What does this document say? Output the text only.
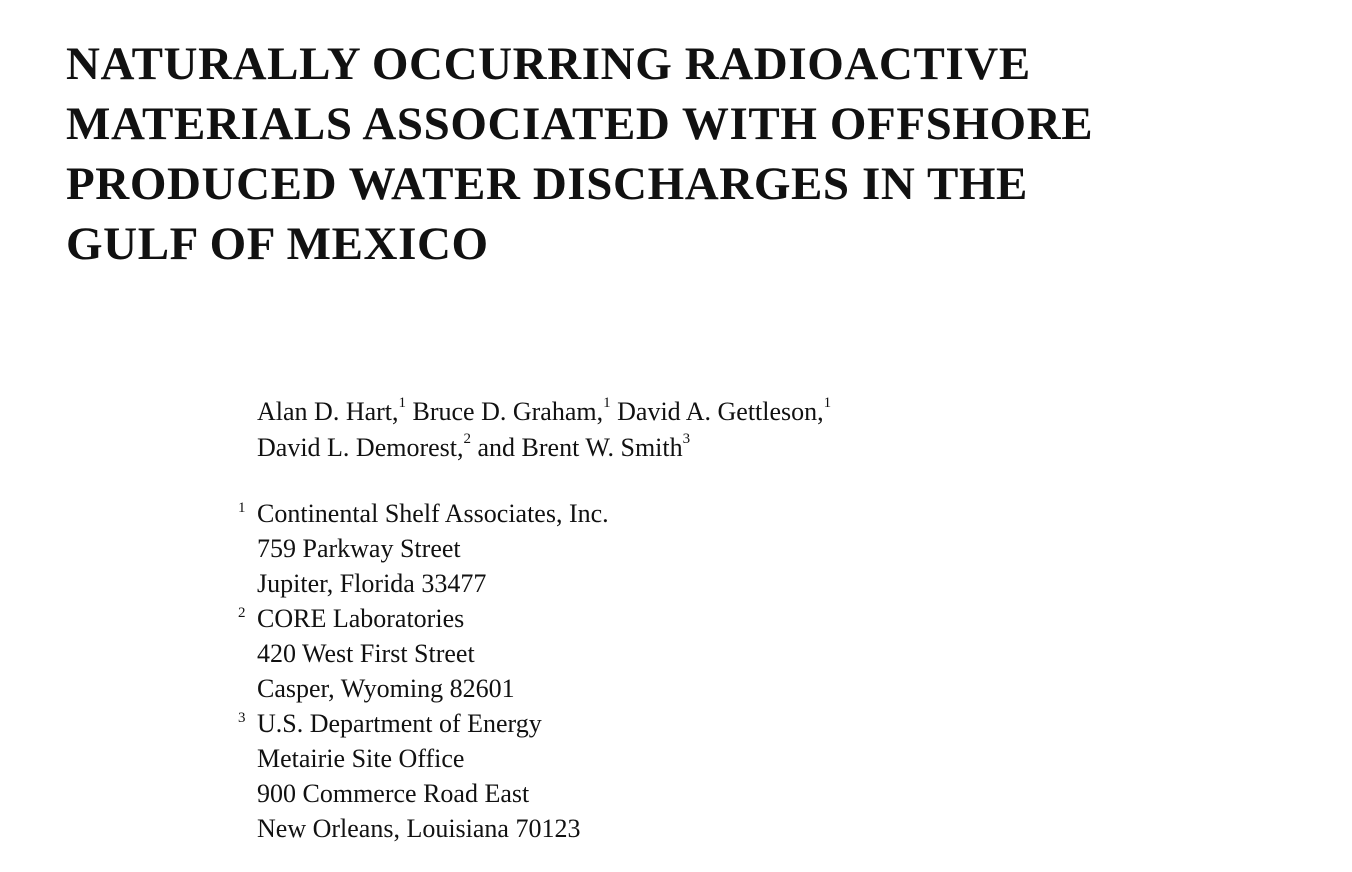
NATURALLY OCCURRING RADIOACTIVE
MATERIALS ASSOCIATED WITH OFFSHORE
PRODUCED WATER DISCHARGES IN THE
GULF OF MEXICO
Alan D. Hart,$^1$ Bruce D. Graham,$^1$ David A. Gettleson,$^1$
David L. Demorest,$^2$ and Brent W. Smith$^3$
1 Continental Shelf Associates, Inc.
759 Parkway Street
Jupiter, Florida 33477
2 CORE Laboratories
420 West First Street
Casper, Wyoming 82601
3 U.S. Department of Energy
Metairie Site Office
900 Commerce Road East
New Orleans, Louisiana 70123
